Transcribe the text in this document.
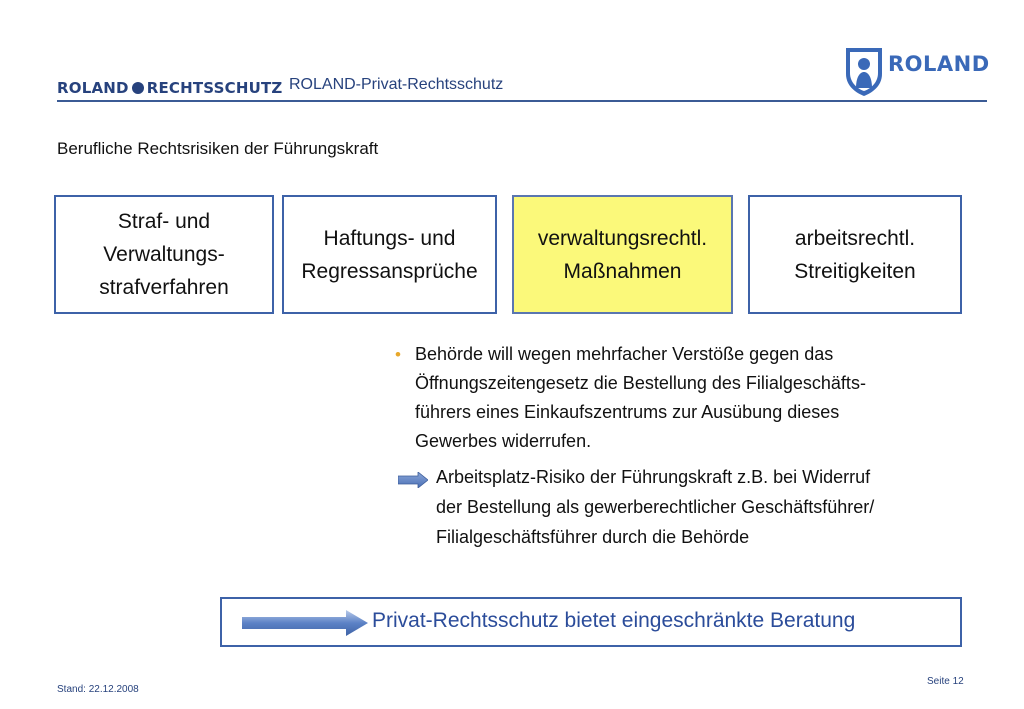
ROLAND RECHTSSCHUTZ ROLAND-Privat-Rechtsschutz
ROLAND
Berufliche Rechtsrisiken der Führungskraft
Straf- und
Verwaltungs-
strafverfahren
Haftungs- und
Regressansprüche
verwaltungsrechtl.
Maßnahmen
arbeitsrechtl.
Streitigkeiten
• Behörde will wegen mehrfacher Verstöße gegen das
Öffnungszeitengesetz die Bestellung des Filialgeschäfts-
führers eines Einkaufszentrums zur Ausübung dieses
Gewerbes widerrufen.
Arbeitsplatz-Risiko der Führungskraft z.B. bei Widerruf
der Bestellung als gewerberechtlicher Geschäftsführer/
Filialgeschäftsführer durch die Behörde
Privat-Rechtsschutz bietet eingeschränkte Beratung
Stand: 22.12.2008
Seite 12
